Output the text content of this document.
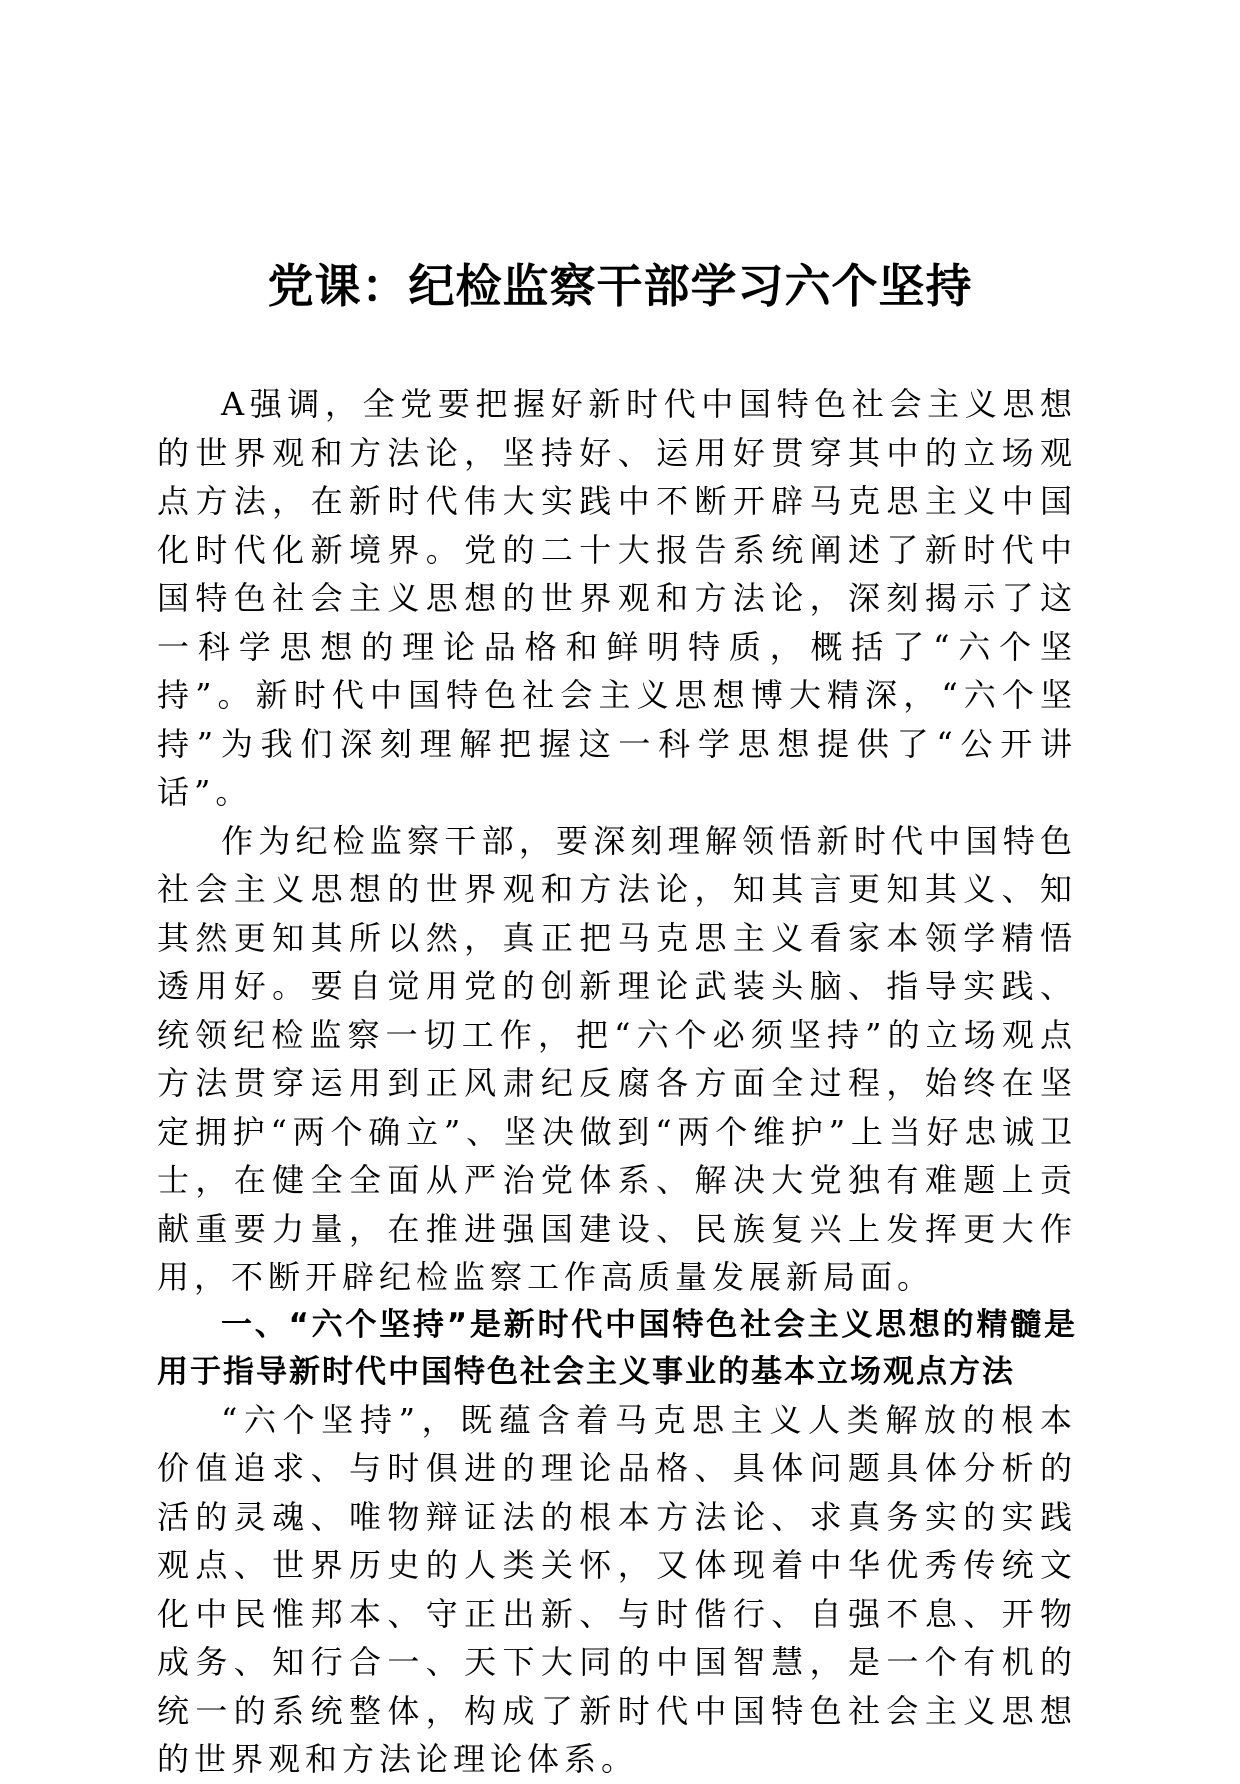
党课：纪检监察干部学习六个坚持

A强调，全党要把握好新时代中国特色社会主义思想的世界观和方法论，坚持好、运用好贯穿其中的立场观点方法，在新时代伟大实践中不断开辟马克思主义中国化时代化新境界。党的二十大报告系统阐述了新时代中国特色社会主义思想的世界观和方法论，深刻揭示了这一科学思想的理论品格和鲜明特质，概括了“六个坚持”。新时代中国特色社会主义思想博大精深，“六个坚持”为我们深刻理解把握这一科学思想提供了“公开讲话”。

作为纪检监察干部，要深刻理解领悟新时代中国特色社会主义思想的世界观和方法论，知其言更知其义、知其然更知其所以然，真正把马克思主义看家本领学精悟透用好。要自觉用党的创新理论武装头脑、指导实践、统领纪检监察一切工作，把“六个必须坚持”的立场观点方法贯穿运用到正风肃纪反腐各方面全过程，始终在坚定拥护“两个确立”、坚决做到“两个维护”上当好忠诚卫士，在健全全面从严治党体系、解决大党独有难题上贡献重要力量，在推进强国建设、民族复兴上发挥更大作用，不断开辟纪检监察工作高质量发展新局面。

一、“六个坚持”是新时代中国特色社会主义思想的精髓是用于指导新时代中国特色社会主义事业的基本立场观点方法

“六个坚持”，既蕴含着马克思主义人类解放的根本价值追求、与时俱进的理论品格、具体问题具体分析的活的灵魂、唯物辩证法的根本方法论、求真务实的实践观点、世界历史的人类关怀，又体现着中华优秀传统文化中民惟邦本、守正出新、与时偕行、自强不息、开物成务、知行合一、天下大同的中国智慧，是一个有机的统一的系统整体，构成了新时代中国特色社会主义思想的世界观和方法论理论体系。
